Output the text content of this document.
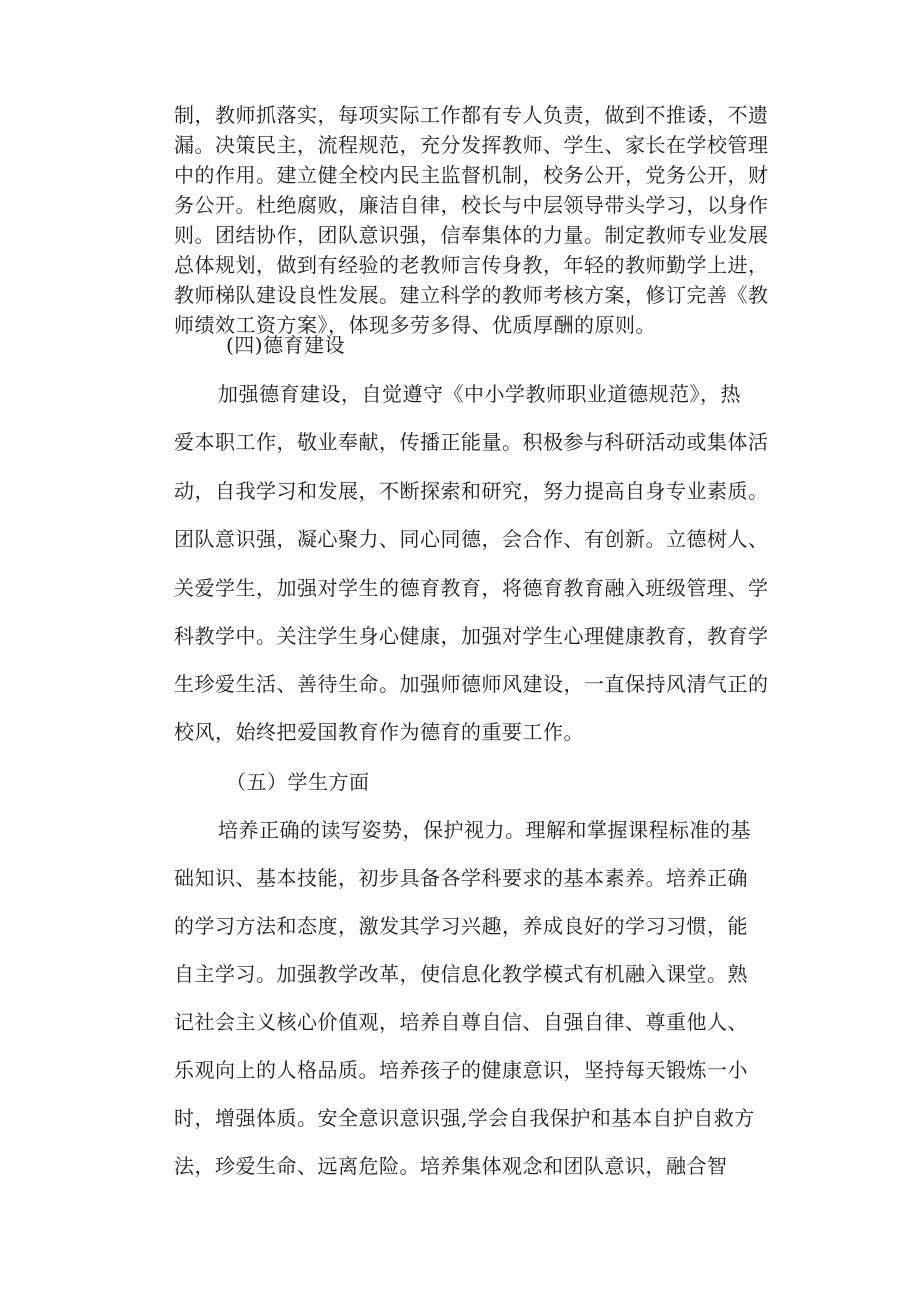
制，教师抓落实，每项实际工作都有专人负责，做到不推诿，不遗
漏。决策民主，流程规范，充分发挥教师、学生、家长在学校管理
中的作用。建立健全校内民主监督机制，校务公开，党务公开，财
务公开。杜绝腐败，廉洁自律，校长与中层领导带头学习，以身作
则。团结协作，团队意识强，信奉集体的力量。制定教师专业发展
总体规划，做到有经验的老教师言传身教，年轻的教师勤学上进，
教师梯队建设良性发展。建立科学的教师考核方案，修订完善《教
师绩效工资方案》，体现多劳多得、优质厚酬的原则。
(四)德育建设
加强德育建设，自觉遵守《中小学教师职业道德规范》，热
爱本职工作，敬业奉献，传播正能量。积极参与科研活动或集体活
动，自我学习和发展，不断探索和研究，努力提高自身专业素质。
团队意识强，凝心聚力、同心同德，会合作、有创新。立德树人、
关爱学生，加强对学生的德育教育，将德育教育融入班级管理、学
科教学中。关注学生身心健康，加强对学生心理健康教育，教育学
生珍爱生活、善待生命。加强师德师风建设，一直保持风清气正的
校风，始终把爱国教育作为德育的重要工作。
（五）学生方面
培养正确的读写姿势，保护视力。理解和掌握课程标准的基
础知识、基本技能，初步具备各学科要求的基本素养。培养正确
的学习方法和态度，激发其学习兴趣，养成良好的学习习惯，能
自主学习。加强教学改革，使信息化教学模式有机融入课堂。熟
记社会主义核心价值观，培养自尊自信、自强自律、尊重他人、
乐观向上的人格品质。培养孩子的健康意识，坚持每天锻炼一小
时，增强体质。安全意识意识强,学会自我保护和基本自护自救方
法，珍爱生命、远离危险。培养集体观念和团队意识，融合智
